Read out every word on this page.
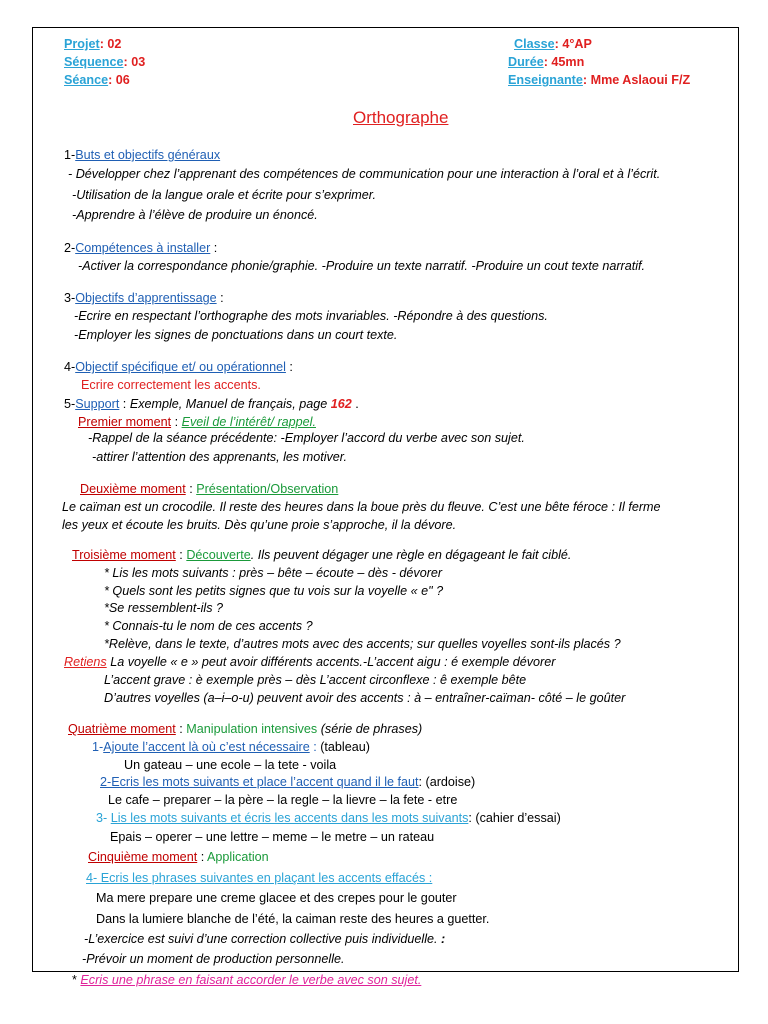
Projet: 02
Séquence: 03
Séance: 06
Classe: 4°AP
Durée: 45mn
Enseignante: Mme Aslaoui F/Z
Orthographe
1-Buts et objectifs généraux
- Développer chez l’apprenant des compétences de communication pour une interaction à l’oral et à l’écrit.
-Utilisation de la langue orale et écrite pour s’exprimer.
-Apprendre à l’élève de produire un énoncé.
2-Compétences à installer :
-Activer la correspondance phonie/graphie. -Produire un texte narratif. -Produire un cout texte narratif.
3-Objectifs d’apprentissage :
-Ecrire en respectant l’orthographe des mots invariables. -Répondre à des questions.
-Employer les signes de ponctuations dans un court texte.
4-Objectif spécifique et/ ou opérationnel :
Ecrire correctement les accents.
5-Support : Exemple, Manuel de français, page 162 .
Premier moment : Eveil de l’intérêt/ rappel.
-Rappel de la séance précédente: -Employer l’accord du verbe avec son sujet.
-attirer l’attention des apprenants, les motiver.
Deuxième moment : Présentation/Observation
Le caïman est un crocodile. Il reste des heures dans la boue près du fleuve. C’est une bête féroce : Il ferme
les yeux et écoute les bruits. Dès qu’une proie s’approche, il la dévore.
Troisième moment : Découverte. Ils peuvent dégager une règle en dégageant le fait ciblé.
* Lis les mots suivants : près – bête – écoute – dès - dévorer
* Quels sont les petits signes que tu vois sur la voyelle « e" ?
*Se ressemblent-ils ?
* Connais-tu le nom de ces accents ?
*Relève, dans le texte, d’autres mots avec des accents; sur quelles voyelles sont-ils placés ?
Retiens La voyelle « e » peut avoir différents accents.-L’accent aigu : é exemple dévorer
L’accent grave : è exemple près – dès L’accent circonflexe : ê exemple bête
D’autres voyelles (a–i–o-u) peuvent avoir des accents : à – entraîner-caïman- côté – le goûter
Quatrième moment : Manipulation intensives (série de phrases)
1-Ajoute l’accent là où c’est nécessaire : (tableau)
Un gateau – une ecole – la tete - voila
2-Ecris les mots suivants et place l’accent quand il le faut: (ardoise)
Le cafe – preparer – la père – la regle – la lievre – la fete - etre
3- Lis les mots suivants et écris les accents dans les mots suivants: (cahier d’essai)
Epais – operer – une lettre – meme – le metre – un rateau
Cinquième moment : Application
4- Ecris les phrases suivantes en plaçant les accents effacés :
Ma mere prepare une creme glacee et des crepes pour le gouter
Dans la lumiere blanche de l’été, la caiman reste des heures a guetter.
-L’exercice est suivi d’une correction collective puis individuelle. :
-Prévoir un moment de production personnelle.
* Ecris une phrase en faisant accorder le verbe avec son sujet.
